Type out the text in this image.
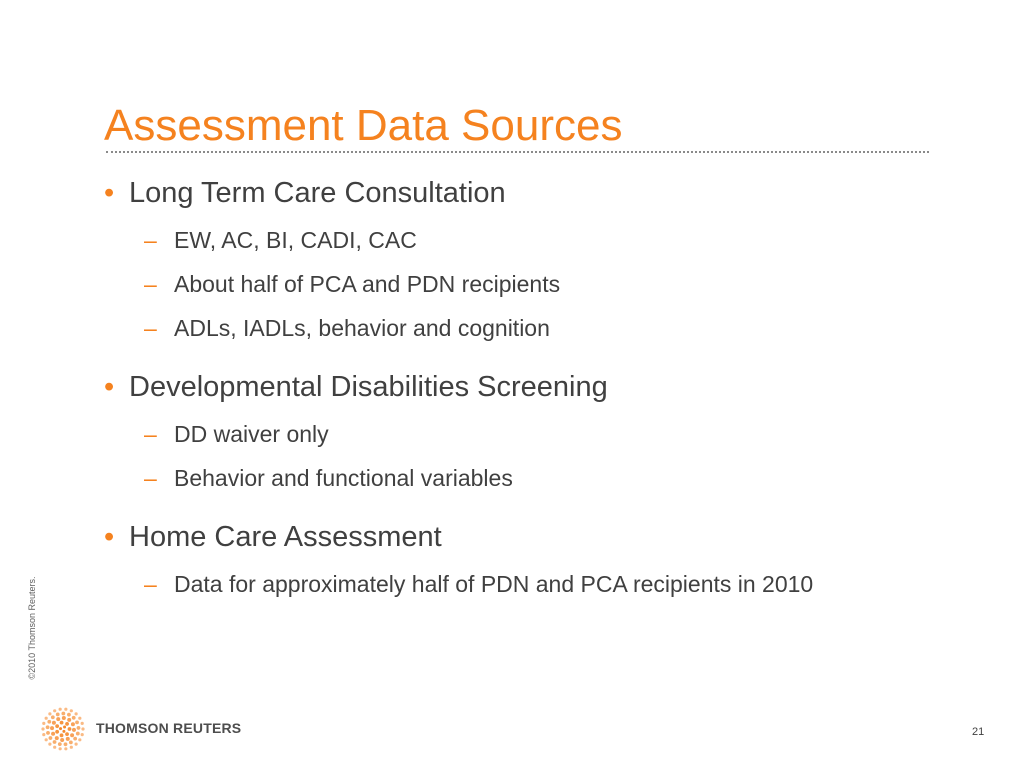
Assessment Data Sources
• Long Term Care Consultation
– EW, AC, BI, CADI, CAC
– About half of PCA and PDN recipients
– ADLs, IADLs, behavior and cognition
• Developmental Disabilities Screening
– DD waiver only
– Behavior and functional variables
• Home Care Assessment
– Data for approximately half of PDN and PCA recipients in 2010
©2010 Thomson Reuters.
THOMSON REUTERS	21
